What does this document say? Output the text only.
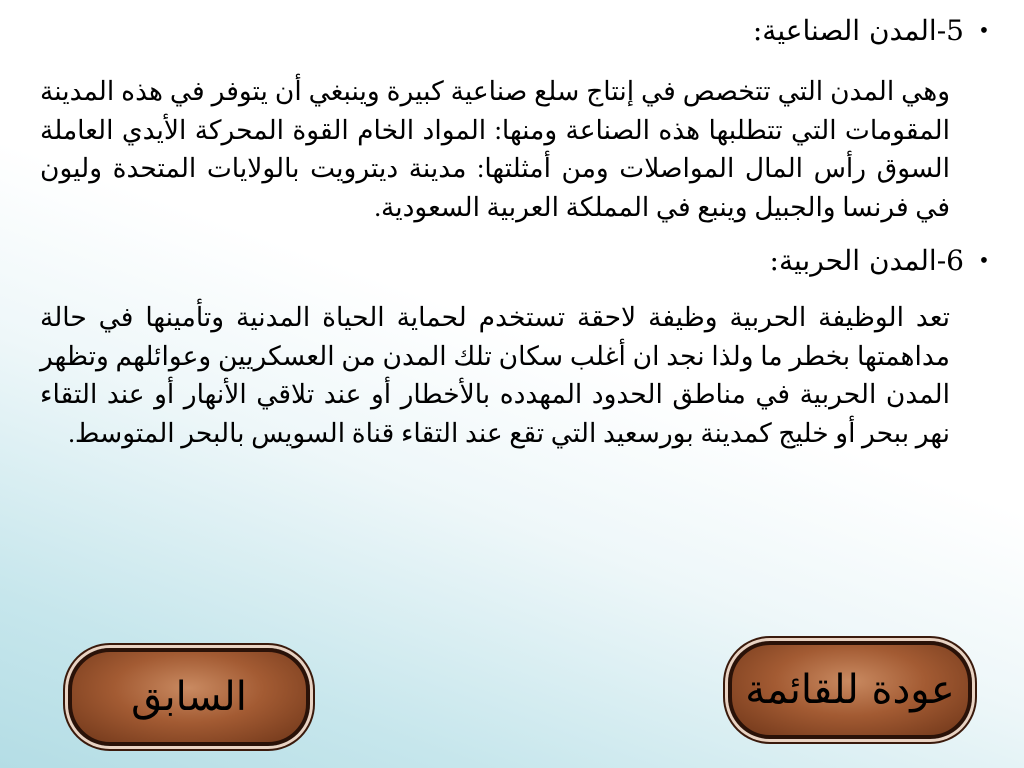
•
5-المدن الصناعية:

وهي المدن التي تتخصص في إنتاج سلع صناعية كبيرة وينبغي أن يتوفر في هذه المدينة المقومات التي تتطلبها هذه الصناعة ومنها: المواد الخام القوة المحركة الأيدي العاملة السوق رأس المال المواصلات ومن أمثلتها: مدينة ديترويت بالولايات المتحدة وليون في فرنسا والجبيل وينبع في المملكة العربية السعودية.

•
6-المدن الحربية:

تعد الوظيفة الحربية وظيفة لاحقة تستخدم لحماية الحياة المدنية وتأمينها في حالة مداهمتها بخطر ما ولذا نجد ان أغلب سكان تلك المدن من العسكريين وعوائلهم وتظهر المدن الحربية في مناطق الحدود المهدده بالأخطار أو عند تلاقي الأنهار أو عند التقاء نهر ببحر أو خليج كمدينة بورسعيد التي تقع عند التقاء قناة السويس بالبحر المتوسط.

السابق	عودة للقائمة
